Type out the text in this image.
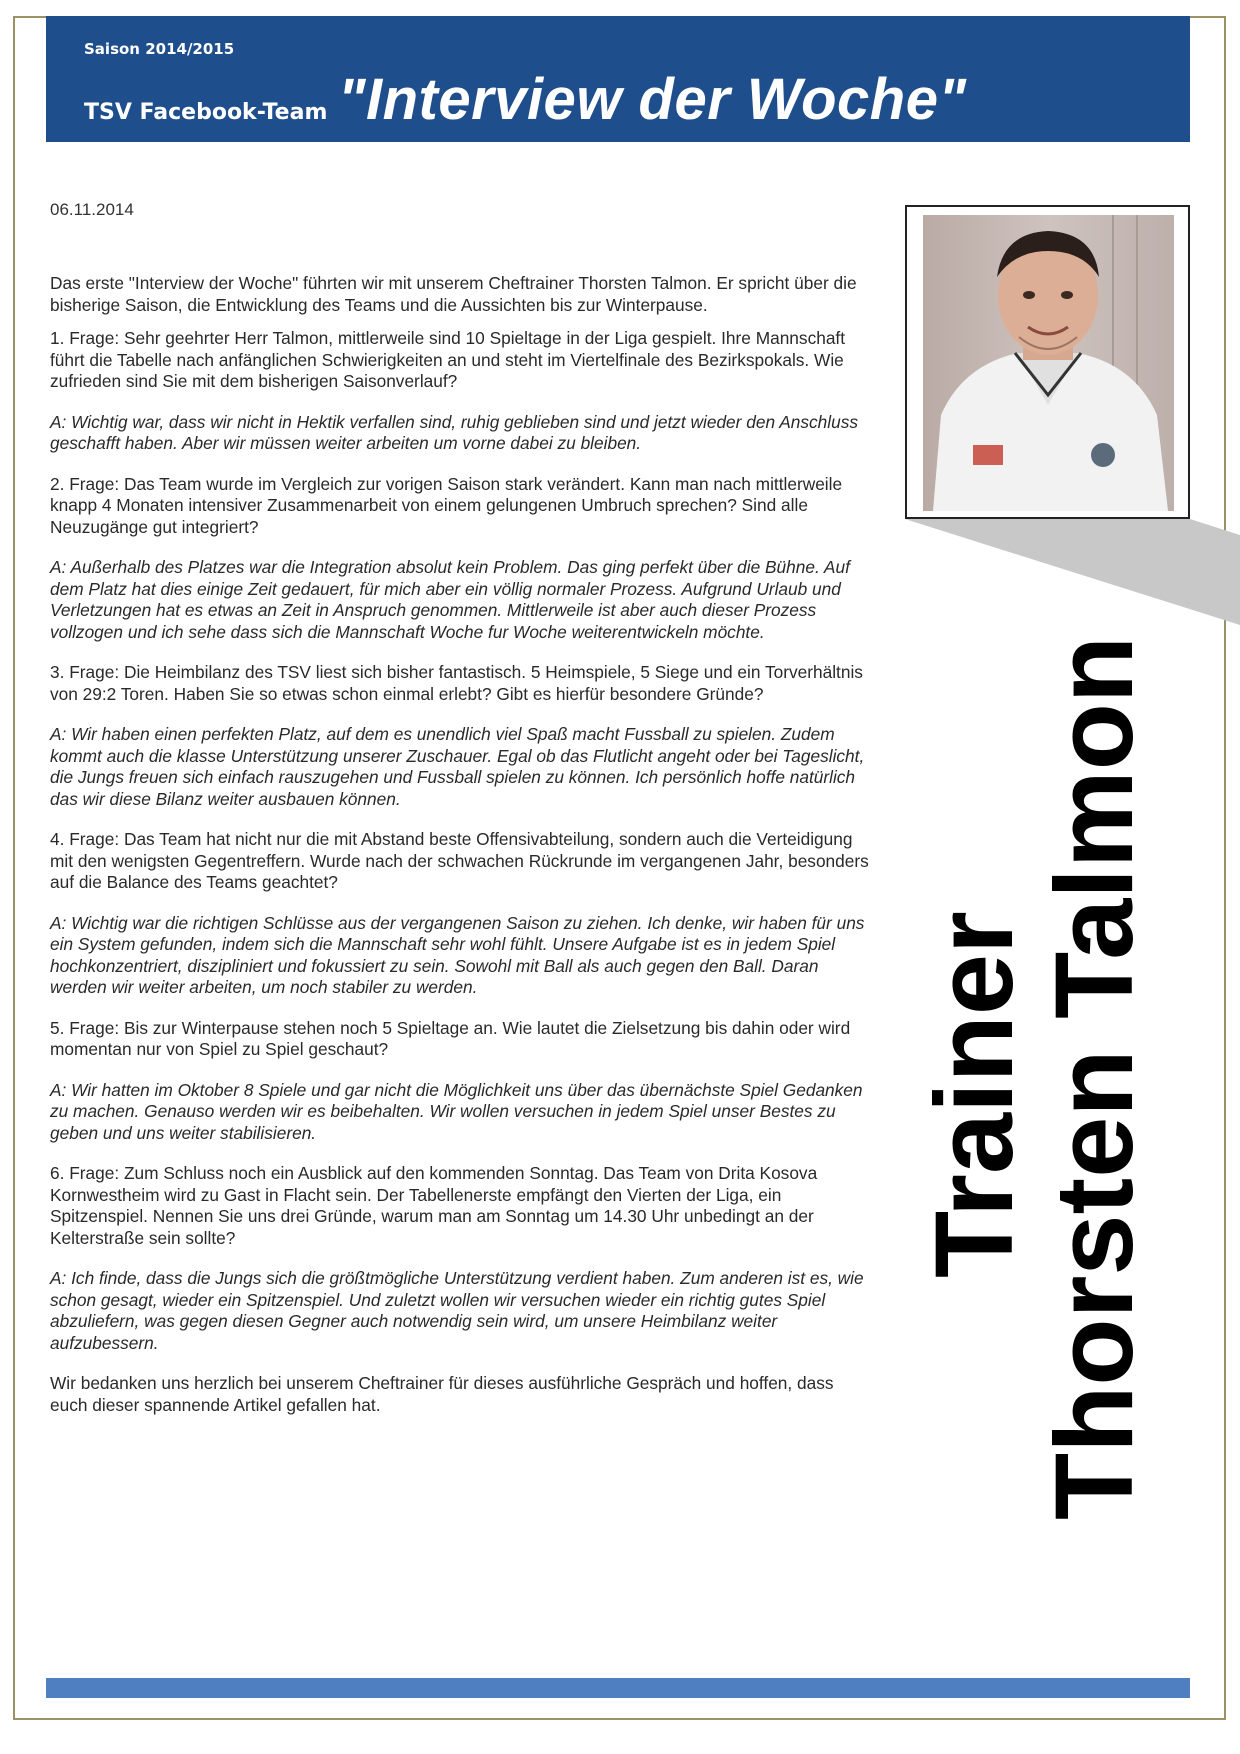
Saison 2014/2015
TSV Facebook-Team "Interview der Woche"
06.11.2014

Das erste "Interview der Woche" führten wir mit unserem Cheftrainer Thorsten Talmon. Er spricht über die bisherige Saison, die Entwicklung des Teams und die Aussichten bis zur Winterpause.

1. Frage: Sehr geehrter Herr Talmon, mittlerweile sind 10 Spieltage in der Liga gespielt. Ihre Mannschaft führt die Tabelle nach anfänglichen Schwierigkeiten an und steht im Viertelfinale des Bezirkspokals. Wie zufrieden sind Sie mit dem bisherigen Saisonverlauf?

A: Wichtig war, dass wir nicht in Hektik verfallen sind, ruhig geblieben sind und jetzt wieder den Anschluss geschafft haben. Aber wir müssen weiter arbeiten um vorne dabei zu bleiben.

2. Frage: Das Team wurde im Vergleich zur vorigen Saison stark verändert. Kann man nach mittlerweile knapp 4 Monaten intensiver Zusammenarbeit von einem gelungenen Umbruch sprechen? Sind alle Neuzugänge gut integriert?

A: Außerhalb des Platzes war die Integration absolut kein Problem. Das ging perfekt über die Bühne. Auf dem Platz hat dies einige Zeit gedauert, für mich aber ein völlig normaler Prozess. Aufgrund Urlaub und Verletzungen hat es etwas an Zeit in Anspruch genommen. Mittlerweile ist aber auch dieser Prozess vollzogen und ich sehe dass sich die Mannschaft Woche fur Woche weiterentwickeln möchte.

3. Frage: Die Heimbilanz des TSV liest sich bisher fantastisch. 5 Heimspiele, 5 Siege und ein Torverhältnis von 29:2 Toren. Haben Sie so etwas schon einmal erlebt? Gibt es hierfür besondere Gründe?

A: Wir haben einen perfekten Platz, auf dem es unendlich viel Spaß macht Fussball zu spielen. Zudem kommt auch die klasse Unterstützung unserer Zuschauer. Egal ob das Flutlicht angeht oder bei Tageslicht, die Jungs freuen sich einfach rauszugehen und Fussball spielen zu können. Ich persönlich hoffe natürlich das wir diese Bilanz weiter ausbauen können.

4. Frage: Das Team hat nicht nur die mit Abstand beste Offensivabteilung, sondern auch die Verteidigung mit den wenigsten Gegentreffern. Wurde nach der schwachen Rückrunde im vergangenen Jahr, besonders auf die Balance des Teams geachtet?

A: Wichtig war die richtigen Schlüsse aus der vergangenen Saison zu ziehen. Ich denke, wir haben für uns ein System gefunden, indem sich die Mannschaft sehr wohl fühlt. Unsere Aufgabe ist es in jedem Spiel hochkonzentriert, diszipliniert und fokussiert zu sein. Sowohl mit Ball als auch gegen den Ball. Daran werden wir weiter arbeiten, um noch stabiler zu werden.

5. Frage: Bis zur Winterpause stehen noch 5 Spieltage an. Wie lautet die Zielsetzung bis dahin oder wird momentan nur von Spiel zu Spiel geschaut?

A: Wir hatten im Oktober 8 Spiele und gar nicht die Möglichkeit uns über das übernächste Spiel Gedanken zu machen. Genauso werden wir es beibehalten. Wir wollen versuchen in jedem Spiel unser Bestes zu geben und uns weiter stabilisieren.

6. Frage: Zum Schluss noch ein Ausblick auf den kommenden Sonntag. Das Team von Drita Kosova Kornwestheim wird zu Gast in Flacht sein. Der Tabellenerste empfängt den Vierten der Liga, ein Spitzenspiel. Nennen Sie uns drei Gründe, warum man am Sonntag um 14.30 Uhr unbedingt an der Kelterstraße sein sollte?

A: Ich finde, dass die Jungs sich die größtmögliche Unterstützung verdient haben. Zum anderen ist es, wie schon gesagt, wieder ein Spitzenspiel. Und zuletzt wollen wir versuchen wieder ein richtig gutes Spiel abzuliefern, was gegen diesen Gegner auch notwendig sein wird, um unsere Heimbilanz weiter aufzubessern.

Wir bedanken uns herzlich bei unserem Cheftrainer für dieses ausführliche Gespräch und hoffen, dass euch dieser spannende Artikel gefallen hat.

Trainer
Thorsten Talmon
